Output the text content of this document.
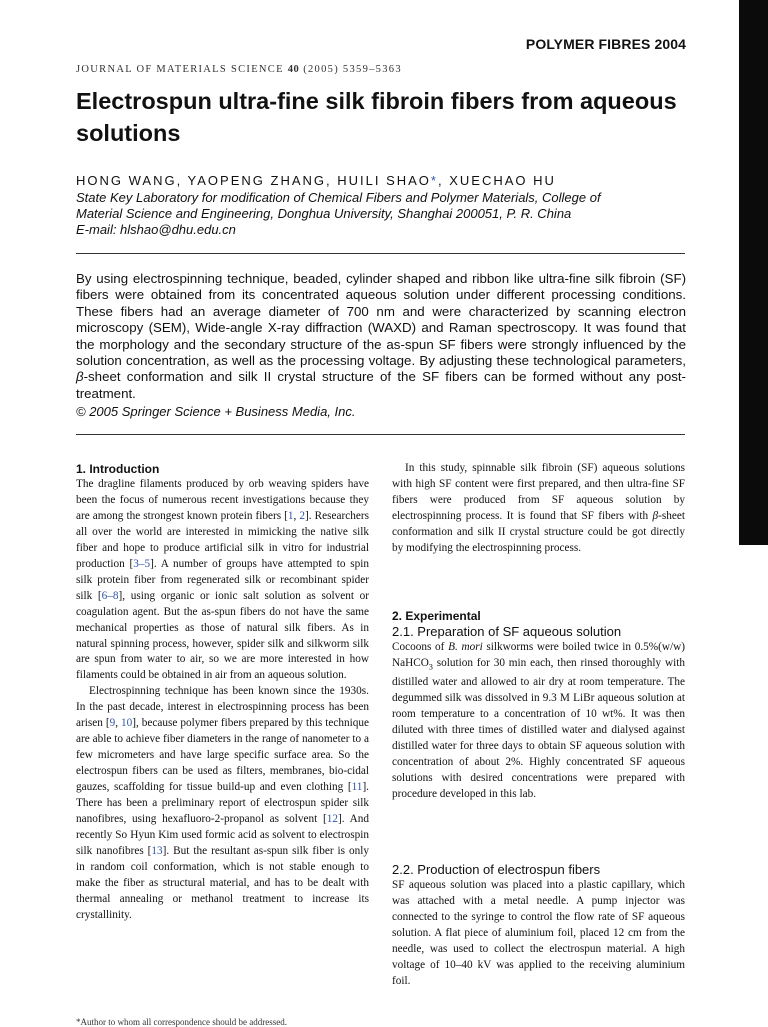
POLYMER FIBRES 2004
JOURNAL OF MATERIALS SCIENCE 40 (2005) 5359–5363
Electrospun ultra-fine silk fibroin fibers from aqueous solutions
HONG WANG, YAOPENG ZHANG, HUILI SHAO*, XUECHAO HU
State Key Laboratory for modification of Chemical Fibers and Polymer Materials, College of
Material Science and Engineering, Donghua University, Shanghai 200051, P. R. China
E-mail: hlshao@dhu.edu.cn

By using electrospinning technique, beaded, cylinder shaped and ribbon like ultra-fine silk fibroin (SF) fibers were obtained from its concentrated aqueous solution under different processing conditions. These fibers had an average diameter of 700 nm and were characterized by scanning electron microscopy (SEM), Wide-angle X-ray diffraction (WAXD) and Raman spectroscopy. It was found that the morphology and the secondary structure of the as-spun SF fibers were strongly influenced by the solution concentration, as well as the processing voltage. By adjusting these technological parameters, β-sheet conformation and silk II crystal structure of the SF fibers can be formed without any post-treatment.

© 2005 Springer Science + Business Media, Inc.
1. Introduction

The dragline filaments produced by orb weaving spiders have been the focus of numerous recent investigations because they are among the strongest known protein fibers [1, 2]. Researchers all over the world are interested in mimicking the native silk fiber and hope to produce artificial silk in vitro for industrial production [3–5]. A number of groups have attempted to spin silk protein fiber from regenerated silk or recombinant spider silk [6–8], using organic or ionic salt solution as solvent or coagulation agent. But the as-spun fibers do not have the same mechanical properties as those of natural silk fibers. As in natural spinning process, however, spider silk and silkworm silk are spun from water to air, so we are more interested in how filaments could be obtained in air from an aqueous solution.

Electrospinning technique has been known since the 1930s. In the past decade, interest in electrospinning process has been arisen [9, 10], because polymer fibers prepared by this technique are able to achieve fiber diameters in the range of nanometer to a few micrometers and have large specific surface area. So the electrospun fibers can be used as filters, membranes, bio-cidal gauzes, scaffolding for tissue build-up and even clothing [11]. There has been a preliminary report of electrospun spider silk nanofibres, using hexafluoro-2-propanol as solvent [12]. And recently So Hyun Kim used formic acid as solvent to electrospin silk nanofibres [13]. But the resultant as-spun silk fiber is only in random coil conformation, which is not stable enough to make the fiber as structural material, and has to be dealt with thermal annealing or methanol treatment to increase its crystallinity.

In this study, spinnable silk fibroin (SF) aqueous solutions with high SF content were first prepared, and then ultra-fine SF fibers were produced from SF aqueous solution by electrospinning process. It is found that SF fibers with β-sheet conformation and silk II crystal structure could be got directly by modifying the electrospinning process.

2. Experimental
2.1. Preparation of SF aqueous solution

Cocoons of B. mori silkworms were boiled twice in 0.5%(w/w) NaHCO$_3$ solution for 30 min each, then rinsed thoroughly with distilled water and allowed to air dry at room temperature. The degummed silk was dissolved in 9.3 M LiBr aqueous solution at room temperature to a concentration of 10 wt%. It was then diluted with three times of distilled water and dialysed against distilled water for three days to obtain SF aqueous solution with concentration of about 2%. Highly concentrated SF aqueous solutions with desired concentrations were prepared with procedure developed in this lab.

2.2. Production of electrospun fibers

SF aqueous solution was placed into a plastic capillary, which was attached with a metal needle. A pump injector was connected to the syringe to control the flow rate of SF aqueous solution. A flat piece of aluminium foil, placed 12 cm from the needle, was used to collect the electrospun material. A high voltage of 10–40 kV was applied to the receiving aluminium foil.

*Author to whom all correspondence should be addressed.
